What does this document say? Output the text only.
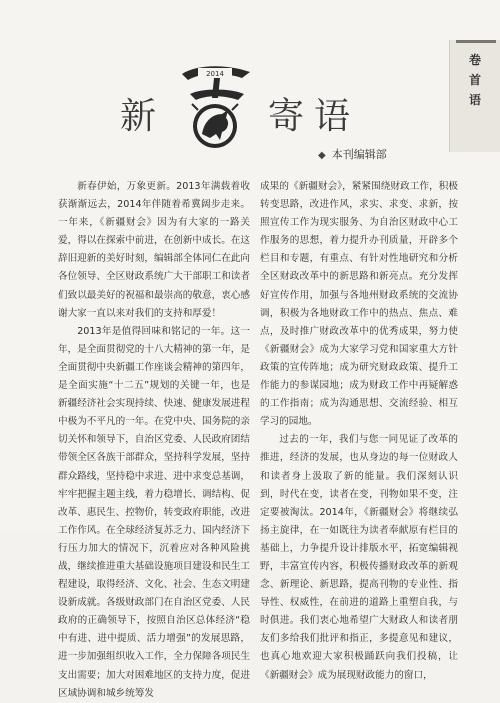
卷首语
新
2014
寄语
◆ 本刊编辑部

新春伊始，万象更新。2013年满载着收获渐渐远去，2014年伴随着希冀阔步走来。一年来，《新疆财会》因为有大家的一路关爱，得以在探索中前进，在创新中成长。在这辞旧迎新的美好时刻，编辑部全体同仁在此向各位领导、全区财政系统广大干部职工和读者们致以最美好的祝福和最崇高的敬意，衷心感谢大家一直以来对我们的支持和厚爱！

2013年是值得回味和铭记的一年。这一年，是全面贯彻党的十八大精神的第一年，是全面贯彻中央新疆工作座谈会精神的第四年，是全面实施“十二五”规划的关键一年，也是新疆经济社会实现持续、快速、健康发展进程中极为不平凡的一年。在党中央、国务院的亲切关怀和领导下，自治区党委、人民政府团结带领全区各族干部群众，坚持科学发展，坚持群众路线，坚持稳中求进、进中求变总基调，牢牢把握主题主线，着力稳增长、调结构、促改革、惠民生、控物价，转变政府职能，改进工作作风。在全球经济复苏乏力、国内经济下行压力加大的情况下，沉着应对各种风险挑战，继续推进重大基础设施项目建设和民生工程建设，取得经济、文化、社会、生态文明建设新成就。各级财政部门在自治区党委、人民政府的正确领导下，按照自治区总体经济“稳中有进、进中提质、活力增强”的发展思路，进一步加强组织收入工作，全力保障各项民生支出需要；加大对困难地区的支持力度，促进区域协调和城乡统筹发

成果的《新疆财会》，紧紧围绕财政工作，积极转变思路，改进作风，求实、求变、求新，按照宣传工作为现实服务、为自治区财政中心工作服务的思想，着力提升办刊质量，开辟多个栏目和专题，有重点、有针对性地研究和分析全区财政改革中的新思路和新亮点。充分发挥好宣传作用，加强与各地州财政系统的交流协调，积极为各地财政工作中的热点、焦点、难点，及时推广财政改革中的优秀成果，努力使《新疆财会》成为大家学习党和国家重大方针政策的宣传阵地；成为研究财政政策、提升工作能力的参谋园地；成为财政工作中再疑解惑的工作指南；成为沟通思想、交流经验、相互学习的园地。

过去的一年，我们与您一同见证了改革的推进，经济的发展，也从身边的每一位财政人和读者身上汲取了新的能量。我们深刻认识到，时代在变，读者在变，刊物如果不变，注定要被淘汰。2014年，《新疆财会》将继续弘扬主旋律，在一如既往为读者奉献原有栏目的基础上，力争提升设计排版水平，拓宽编辑视野，丰富宣传内容，积极传播财政改革的新观念、新理论、新思路，提高刊物的专业性、指导性、权威性，在前进的道路上重塑自我，与时俱进。我们衷心地希望广大财政人和读者朋友们多给我们批评和指正，多提意见和建议，也真心地欢迎大家积极踊跃向我们投稿，让《新疆财会》成为展现财政能力的窗口，
